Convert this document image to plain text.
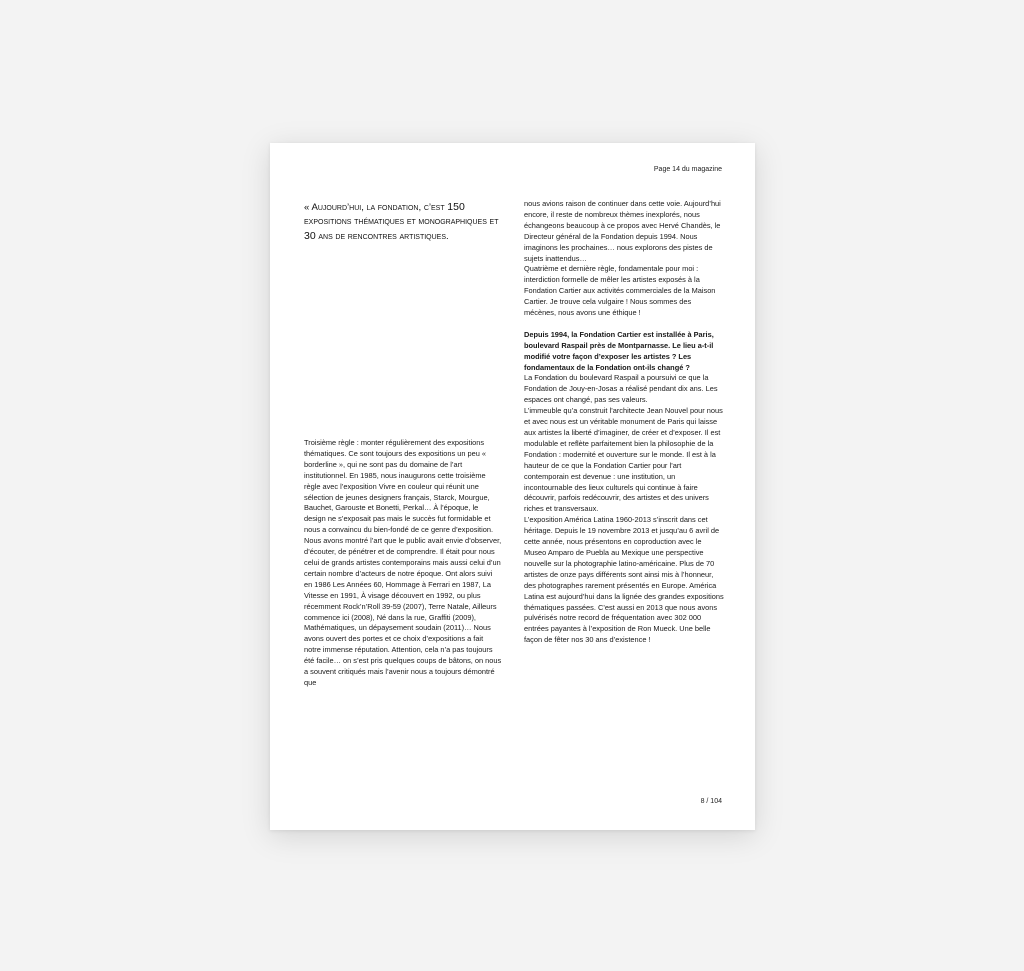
Page 14 du magazine
« Aujourd’hui, la fondation, c’est 150 expositions thématiques et monographiques et 30 ans de rencontres artistiques.

Troisième règle : monter régulièrement des expositions thématiques. Ce sont toujours des expositions un peu « borderline », qui ne sont pas du domaine de l’art institutionnel. En 1985, nous inaugurons cette troisième règle avec l’exposition Vivre en couleur qui réunit une sélection de jeunes designers français, Starck, Mourgue, Bauchet, Garouste et Bonetti, Perkal… À l’époque, le design ne s’exposait pas mais le succès fut formidable et nous a convaincu du bien-fondé de ce genre d’exposition. Nous avons montré l’art que le public avait envie d’observer, d’écouter, de pénétrer et de comprendre. Il était pour nous celui de grands artistes contemporains mais aussi celui d’un certain nombre d’acteurs de notre époque. Ont alors suivi en 1986 Les Années 60, Hommage à Ferrari en 1987, La Vitesse en 1991, À visage découvert en 1992, ou plus récemment Rock’n’Roll 39-59 (2007), Terre Natale, Ailleurs commence ici (2008), Né dans la rue, Graffiti (2009), Mathématiques, un dépaysement soudain (2011)… Nous avons ouvert des portes et ce choix d’expositions a fait notre immense réputation. Attention, cela n’a pas toujours été facile… on s’est pris quelques coups de bâtons, on nous a souvent critiqués mais l’avenir nous a toujours démontré que

nous avions raison de continuer dans cette voie. Aujourd’hui encore, il reste de nombreux thèmes inexplorés, nous échangeons beaucoup à ce propos avec Hervé Chandès, le Directeur général de la Fondation depuis 1994. Nous imaginons les prochaines… nous explorons des pistes de sujets inattendus…

Quatrième et dernière règle, fondamentale pour moi : interdiction formelle de mêler les artistes exposés à la Fondation Cartier aux activités commerciales de la Maison Cartier. Je trouve cela vulgaire ! Nous sommes des mécènes, nous avons une éthique !

Depuis 1994, la Fondation Cartier est installée à Paris, boulevard Raspail près de Montparnasse. Le lieu a-t-il modifié votre façon d’exposer les artistes ? Les fondamentaux de la Fondation ont-ils changé ?

La Fondation du boulevard Raspail a poursuivi ce que la Fondation de Jouy-en-Josas a réalisé pendant dix ans. Les espaces ont changé, pas ses valeurs.

L’immeuble qu’a construit l’architecte Jean Nouvel pour nous et avec nous est un véritable monument de Paris qui laisse aux artistes la liberté d’imaginer, de créer et d’exposer. Il est modulable et reflète parfaitement bien la philosophie de la Fondation : modernité et ouverture sur le monde. Il est à la hauteur de ce que la Fondation Cartier pour l’art contemporain est devenue : une institution, un incontournable des lieux culturels qui continue à faire découvrir, parfois redécouvrir, des artistes et des univers riches et transversaux.

L’exposition América Latina 1960-2013 s’inscrit dans cet héritage. Depuis le 19 novembre 2013 et jusqu’au 6 avril de cette année, nous présentons en coproduction avec le Museo Amparo de Puebla au Mexique une perspective nouvelle sur la photographie latino-américaine. Plus de 70 artistes de onze pays différents sont ainsi mis à l’honneur, des photographes rarement présentés en Europe. América Latina est aujourd’hui dans la lignée des grandes expositions thématiques passées. C’est aussi en 2013 que nous avons pulvérisés notre record de fréquentation avec 302 000 entrées payantes à l’exposition de Ron Mueck. Une belle façon de fêter nos 30 ans d’existence !

8 / 104
